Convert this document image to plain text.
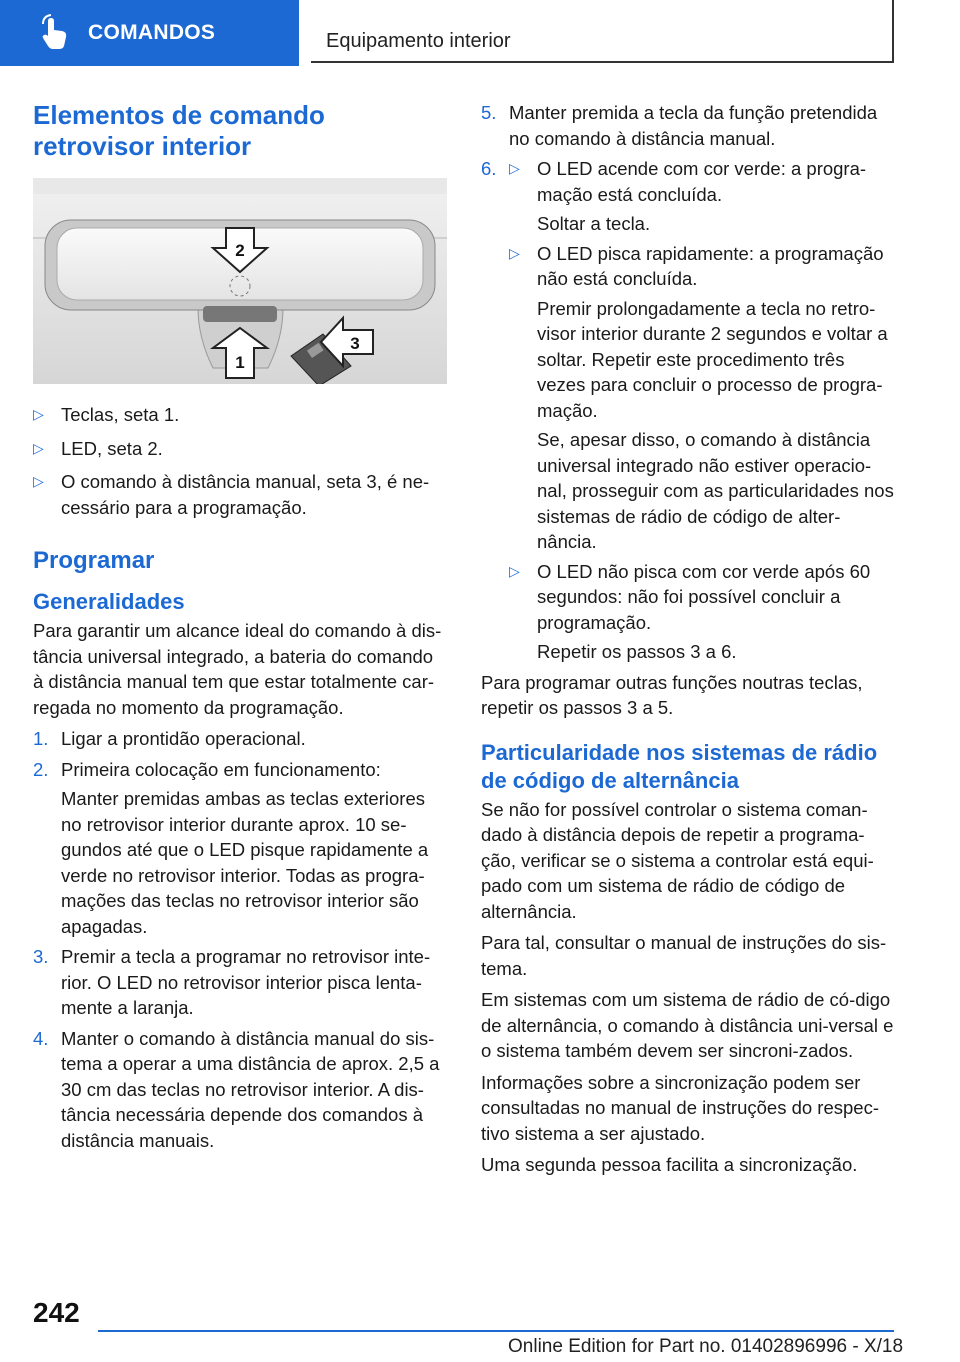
COMANDOS	Equipamento interior
Elementos de comando
retrovisor interior
2
1
3
▷ Teclas, seta 1.
▷ LED, seta 2.
▷ O comando à distância manual, seta 3, é ne-cessário para a programação.
Programar
Generalidades

Para garantir um alcance ideal do comando à dis-tância universal integrado, a bateria do comando à distância manual tem que estar totalmente car-regada no momento da programação.

1. Ligar a prontidão operacional.
2. Primeira colocação em funcionamento:

Manter premidas ambas as teclas exteriores no retrovisor interior durante aprox. 10 se-gundos até que o LED pisque rapidamente a verde no retrovisor interior. Todas as progra-mações das teclas no retrovisor interior são apagadas.

3. Premir a tecla a programar no retrovisor inte-rior. O LED no retrovisor interior pisca lenta-mente a laranja.
4. Manter o comando à distância manual do sis-tema a operar a uma distância de aprox. 2,5 a 30 cm das teclas no retrovisor interior. A dis-tância necessária depende dos comandos à distância manuais.
5. Manter premida a tecla da função pretendida no comando à distância manual.
6. ▷ O LED acende com cor verde: a progra-mação está concluída.

Soltar a tecla.

▷ O LED pisca rapidamente: a programação não está concluída.

Premir prolongadamente a tecla no retro-visor interior durante 2 segundos e voltar a soltar. Repetir este procedimento três vezes para concluir o processo de progra-mação.

Se, apesar disso, o comando à distância universal integrado não estiver operacio-nal, prosseguir com as particularidades nos sistemas de rádio de código de alter-nância.

▷ O LED não pisca com cor verde após 60 segundos: não foi possível concluir a programação.

Repetir os passos 3 a 6.

Para programar outras funções noutras teclas, repetir os passos 3 a 5.

Particularidade nos sistemas de rádio de código de alternância

Se não for possível controlar o sistema coman-dado à distância depois de repetir a programa-ção, verificar se o sistema a controlar está equi-pado com um sistema de rádio de código de alternância.

Para tal, consultar o manual de instruções do sis-tema.

Em sistemas com um sistema de rádio de có-digo de alternância, o comando à distância uni-versal e o sistema também devem ser sincroni-zados.

Informações sobre a sincronização podem ser consultadas no manual de instruções do respec-tivo sistema a ser ajustado.

Uma segunda pessoa facilita a sincronização.

242
Online Edition for Part no. 01402896996 - X/18
